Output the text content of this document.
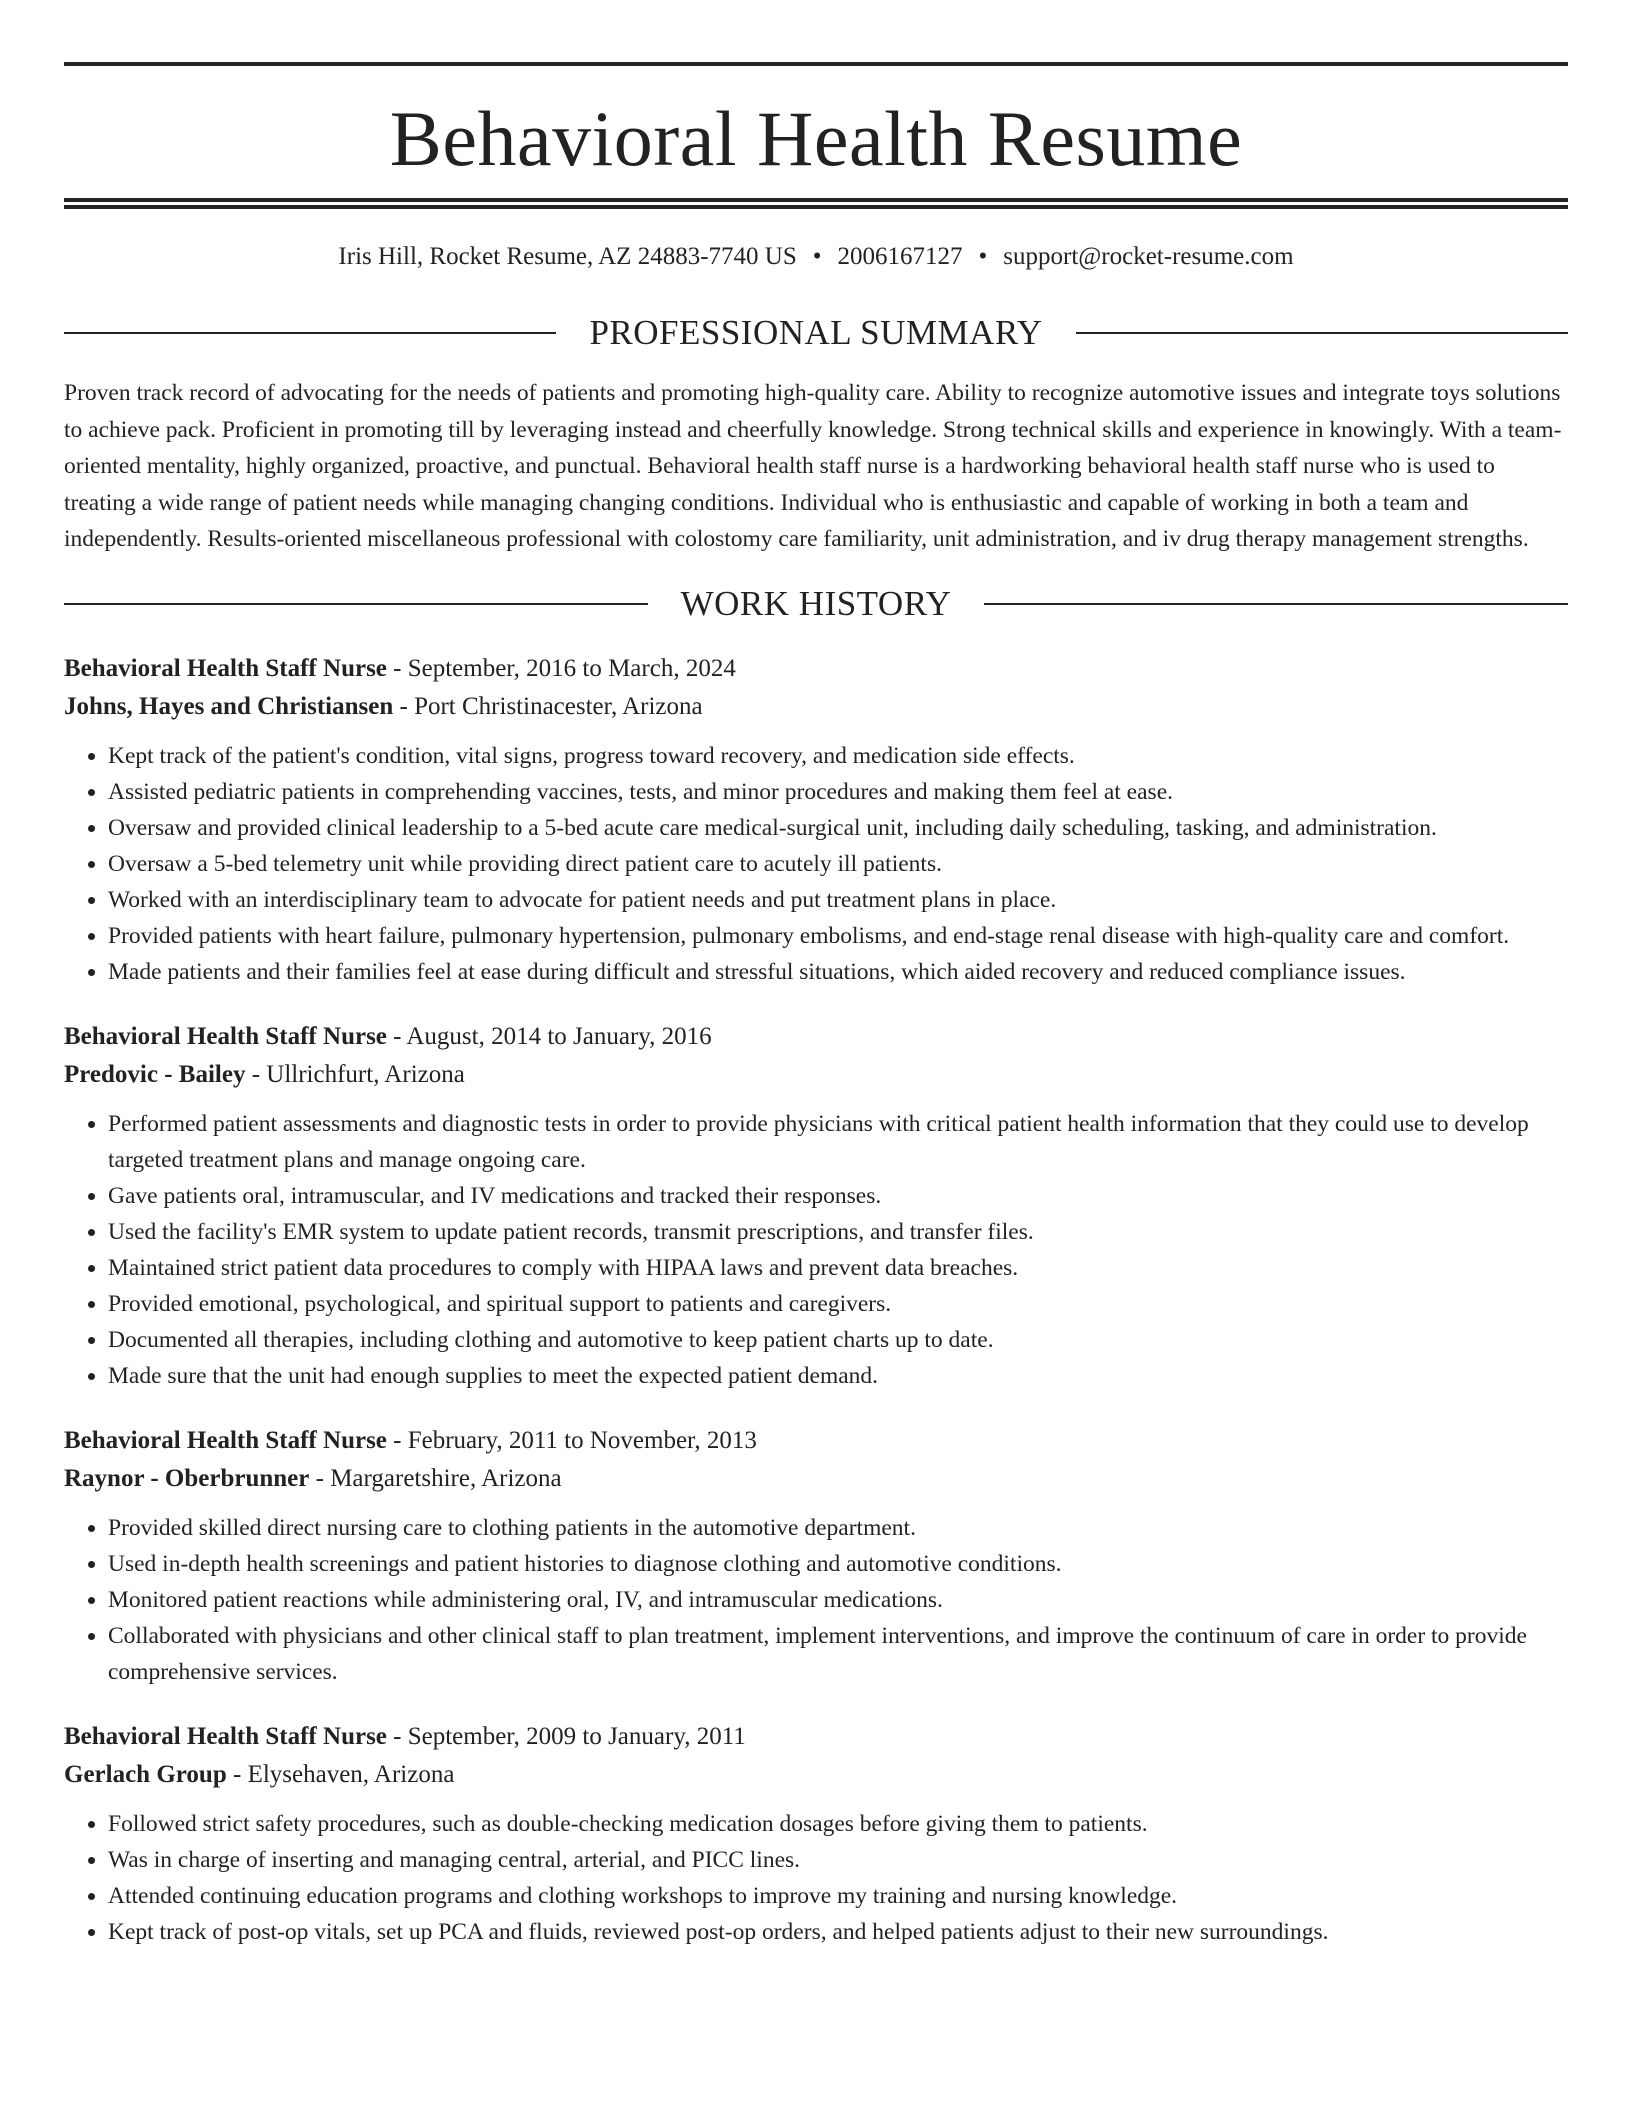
Behavioral Health Resume
Iris Hill, Rocket Resume, AZ 24883-7740 US • 2006167127 • support@rocket-resume.com
PROFESSIONAL SUMMARY
Proven track record of advocating for the needs of patients and promoting high-quality care. Ability to recognize automotive issues and integrate toys solutions to achieve pack. Proficient in promoting till by leveraging instead and cheerfully knowledge. Strong technical skills and experience in knowingly. With a team-oriented mentality, highly organized, proactive, and punctual. Behavioral health staff nurse is a hardworking behavioral health staff nurse who is used to treating a wide range of patient needs while managing changing conditions. Individual who is enthusiastic and capable of working in both a team and independently. Results-oriented miscellaneous professional with colostomy care familiarity, unit administration, and iv drug therapy management strengths.
WORK HISTORY
Behavioral Health Staff Nurse - September, 2016 to March, 2024
Johns, Hayes and Christiansen - Port Christinacester, Arizona
• Kept track of the patient's condition, vital signs, progress toward recovery, and medication side effects.
• Assisted pediatric patients in comprehending vaccines, tests, and minor procedures and making them feel at ease.
• Oversaw and provided clinical leadership to a 5-bed acute care medical-surgical unit, including daily scheduling, tasking, and administration.
• Oversaw a 5-bed telemetry unit while providing direct patient care to acutely ill patients.
• Worked with an interdisciplinary team to advocate for patient needs and put treatment plans in place.
• Provided patients with heart failure, pulmonary hypertension, pulmonary embolisms, and end-stage renal disease with high-quality care and comfort.
• Made patients and their families feel at ease during difficult and stressful situations, which aided recovery and reduced compliance issues.
Behavioral Health Staff Nurse - August, 2014 to January, 2016
Predovic - Bailey - Ullrichfurt, Arizona
• Performed patient assessments and diagnostic tests in order to provide physicians with critical patient health information that they could use to develop targeted treatment plans and manage ongoing care.
• Gave patients oral, intramuscular, and IV medications and tracked their responses.
• Used the facility's EMR system to update patient records, transmit prescriptions, and transfer files.
• Maintained strict patient data procedures to comply with HIPAA laws and prevent data breaches.
• Provided emotional, psychological, and spiritual support to patients and caregivers.
• Documented all therapies, including clothing and automotive to keep patient charts up to date.
• Made sure that the unit had enough supplies to meet the expected patient demand.
Behavioral Health Staff Nurse - February, 2011 to November, 2013
Raynor - Oberbrunner - Margaretshire, Arizona
• Provided skilled direct nursing care to clothing patients in the automotive department.
• Used in-depth health screenings and patient histories to diagnose clothing and automotive conditions.
• Monitored patient reactions while administering oral, IV, and intramuscular medications.
• Collaborated with physicians and other clinical staff to plan treatment, implement interventions, and improve the continuum of care in order to provide comprehensive services.
Behavioral Health Staff Nurse - September, 2009 to January, 2011
Gerlach Group - Elysehaven, Arizona
• Followed strict safety procedures, such as double-checking medication dosages before giving them to patients.
• Was in charge of inserting and managing central, arterial, and PICC lines.
• Attended continuing education programs and clothing workshops to improve my training and nursing knowledge.
• Kept track of post-op vitals, set up PCA and fluids, reviewed post-op orders, and helped patients adjust to their new surroundings.
